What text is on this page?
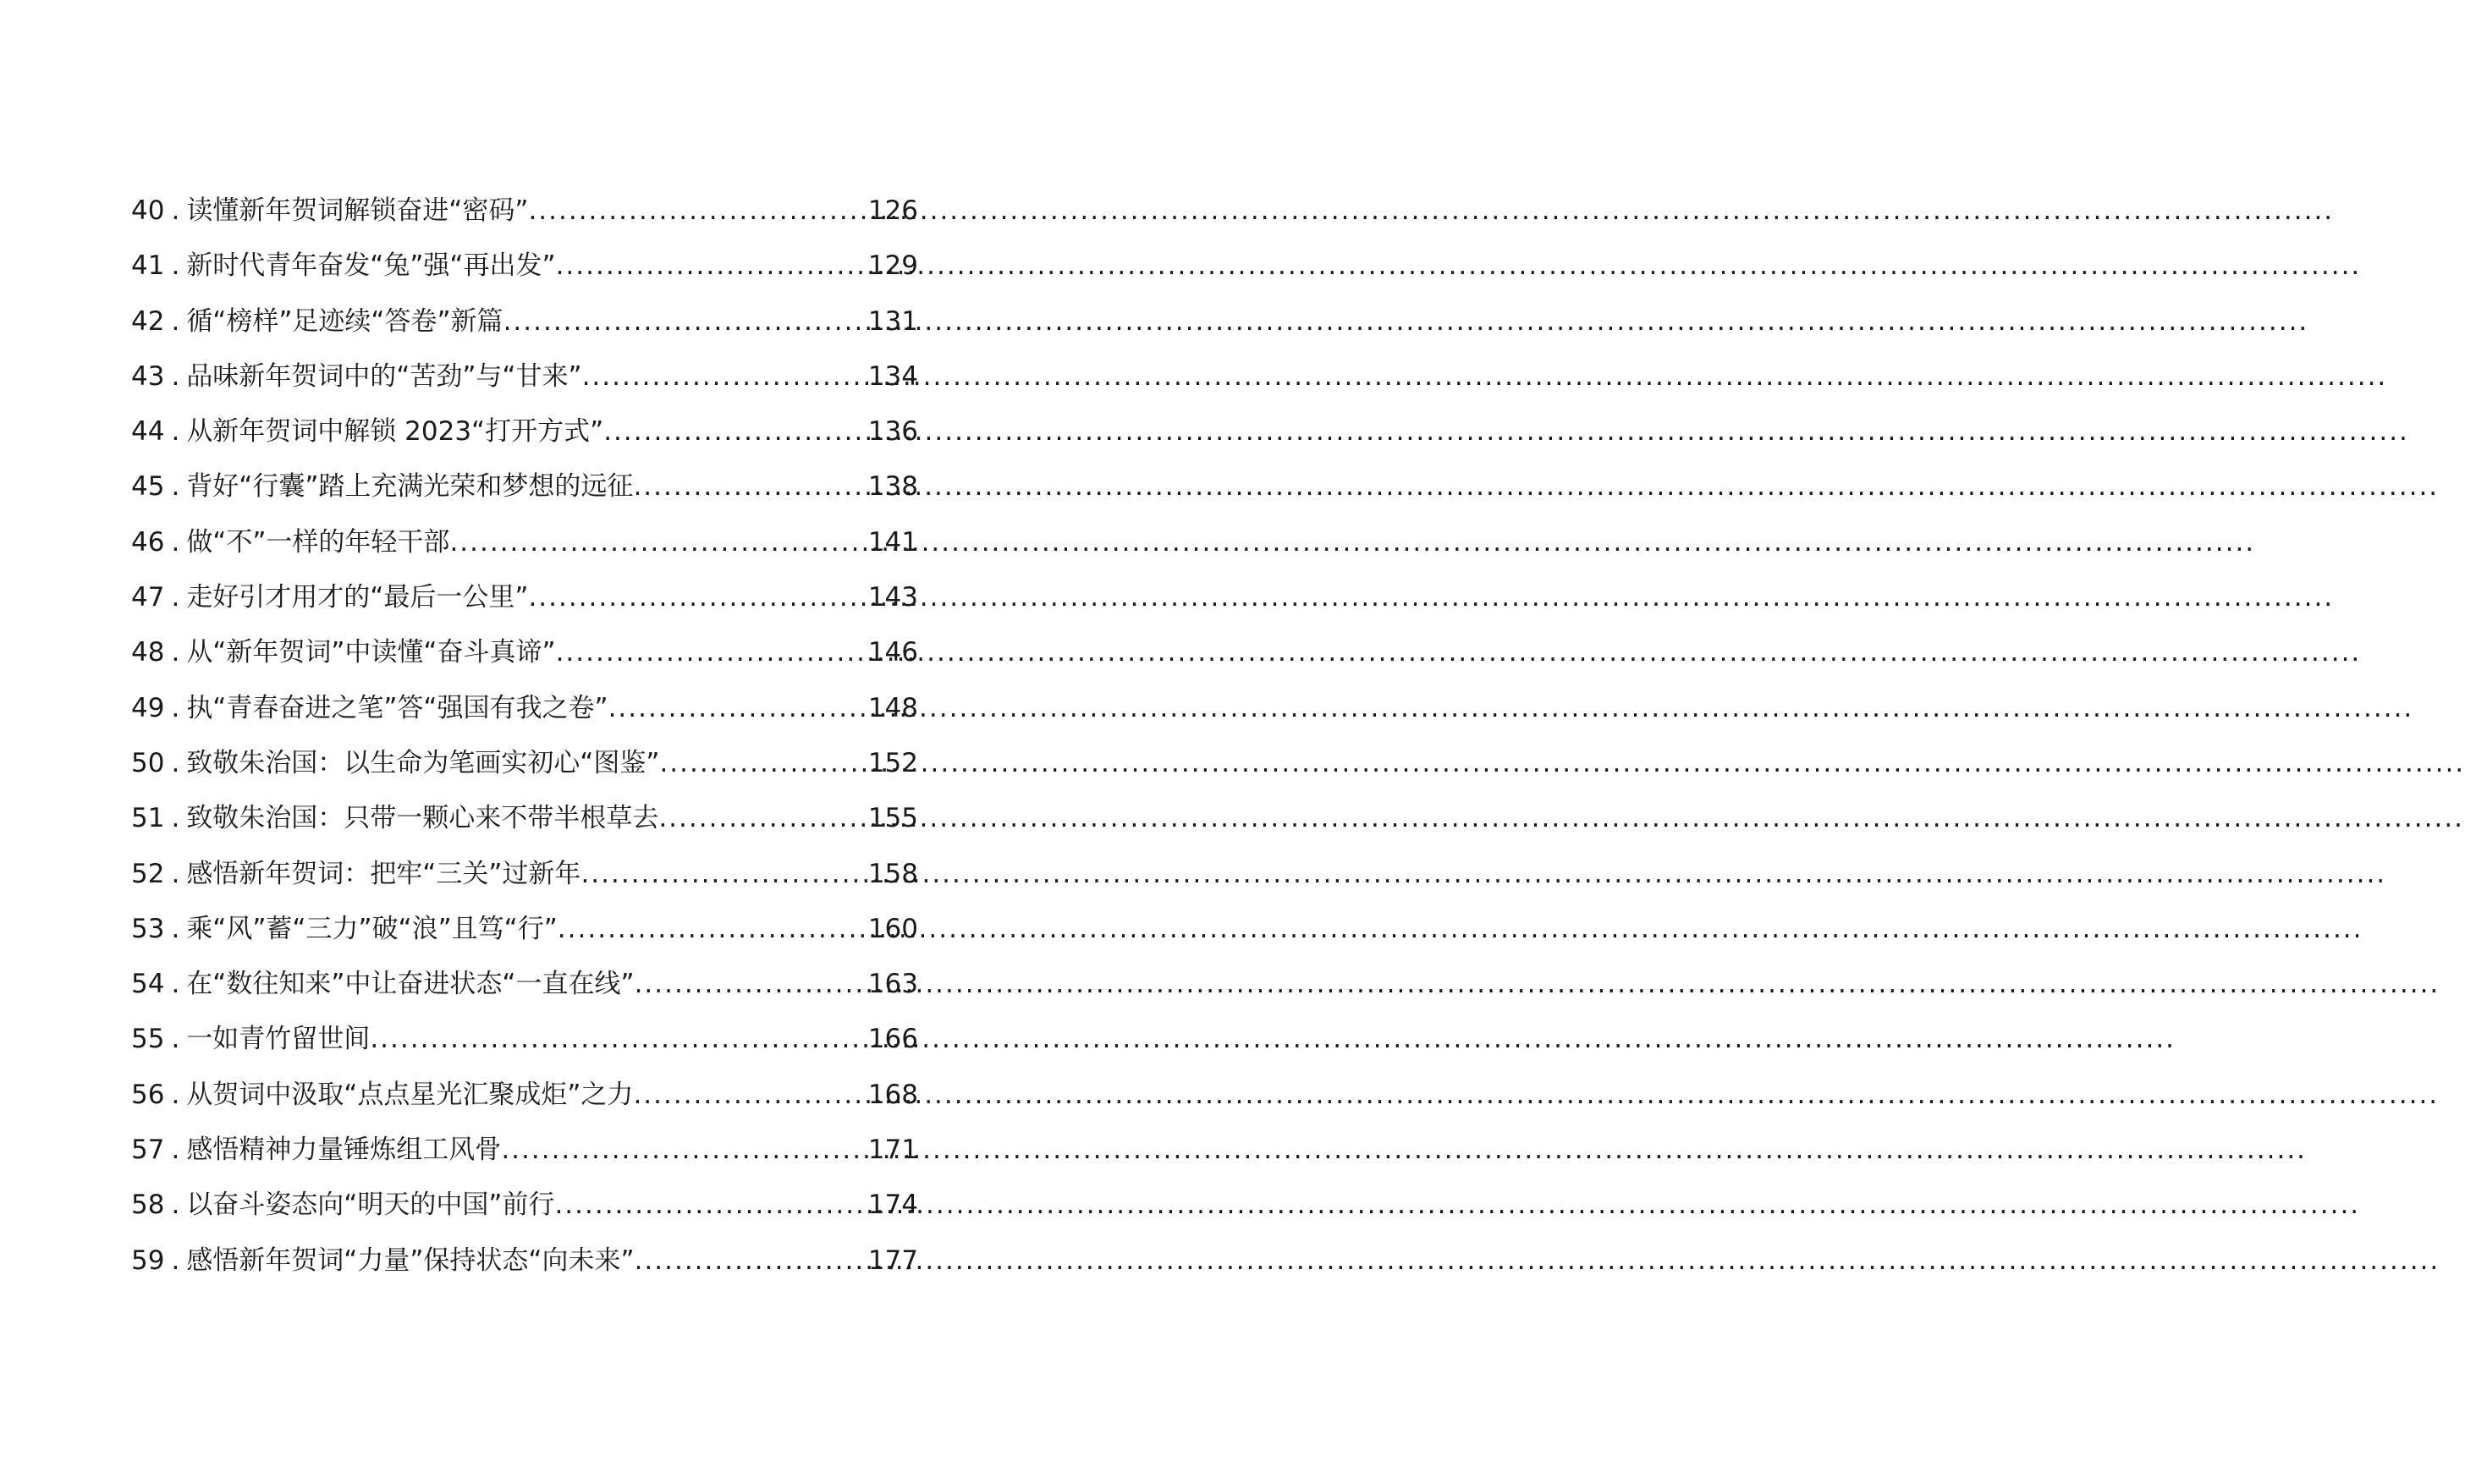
40 . 读懂新年贺词解锁奋进“密码” .....	126
41 . 新时代青年奋发“兔”强“再出发” .....	129
42 . 循“榜样”足迹续“答卷”新篇 .....	131
43 . 品味新年贺词中的“苦劲”与“甘来” .....	134
44 . 从新年贺词中解锁 2023“打开方式” .....	136
45 . 背好“行囊”踏上充满光荣和梦想的远征 .....	138
46 . 做“不”一样的年轻干部 .....	141
47 . 走好引才用才的“最后一公里” .....	143
48 . 从“新年贺词”中读懂“奋斗真谛” .....	146
49 . 执“青春奋进之笔”答“强国有我之卷” .....	148
50 . 致敬朱治国：以生命为笔画实初心“图鉴” .....	152
51 . 致敬朱治国：只带一颗心来不带半根草去 .....	155
52 . 感悟新年贺词：把牢“三关”过新年 .....	158
53 . 乘“风”蓄“三力”破“浪”且笃“行” .....	160
54 . 在“数往知来”中让奋进状态“一直在线” .....	163
55 . 一如青竹留世间 .....	166
56 . 从贺词中汲取“点点星光汇聚成炬”之力 .....	168
57 . 感悟精神力量锤炼组工风骨 .....	171
58 . 以奋斗姿态向“明天的中国”前行 .....	174
59 . 感悟新年贺词“力量”保持状态“向未来” .....	177
